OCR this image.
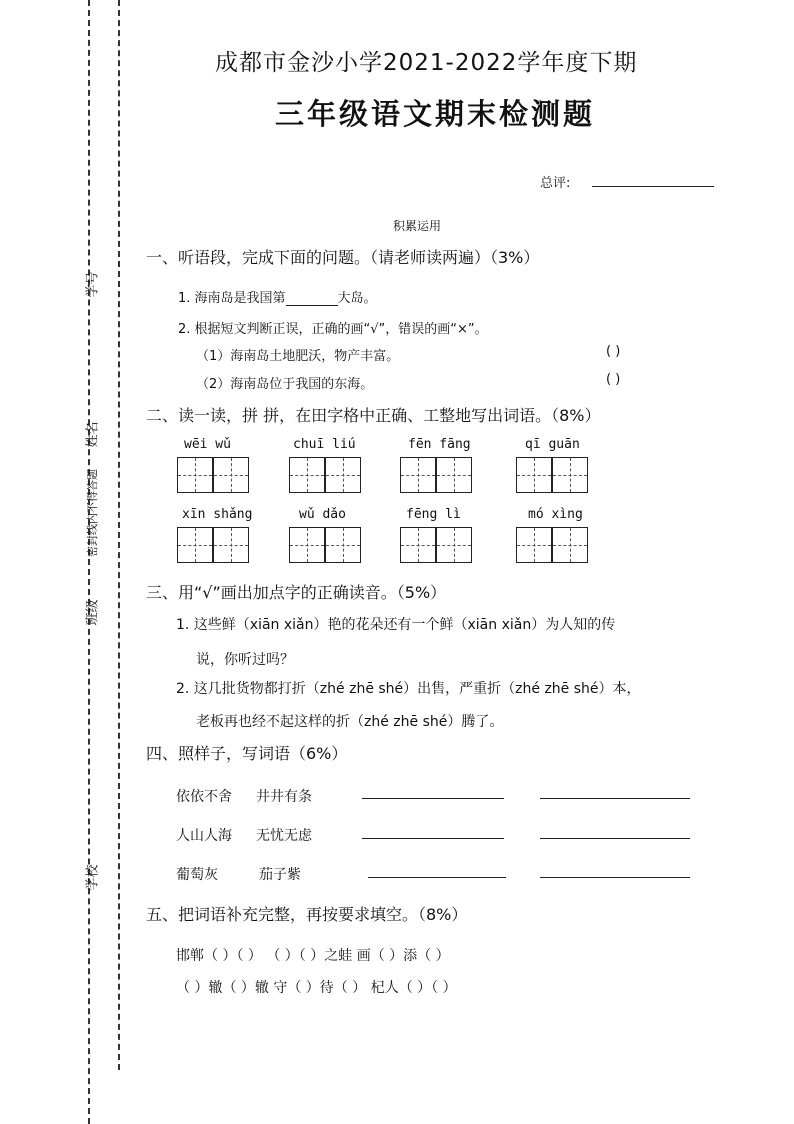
学号
姓名
班级
学校
密封线内不得答题
成都市金沙小学2021-2022学年度下期
三年级语文期末检测题
总评:
积累运用
一、听语段，完成下面的问题。（请老师读两遍）（3%）
1. 海南岛是我国第	大岛。
2. 根据短文判断正误，正确的画“√”，错误的画“×”。
（1）海南岛土地肥沃，物产丰富。	( )
（2）海南岛位于我国的东海。	( )
二、读一读，拼 拼，在田字格中正确、工整地写出词语。（8%）
wēi wǔ	chuī liú	fēn fāng	qī guān
xīn shǎng	wǔ dǎo	fēng lì	mó xìng
三、用“√”画出加点字的正确读音。（5%）
1. 这些鲜（xiān xiǎn）艳的花朵还有一个鲜（xiān xiǎn）为人知的传
说，你听过吗？
2. 这几批货物都打折（zhé zhē shé）出售，严重折（zhé zhē shé）本，
老板再也经不起这样的折（zhé zhē shé）腾了。
四、照样子，写词语（6%）
依依不舍 井井有条
人山人海 无忧无虑
葡萄灰	茄子紫
五、把词语补充完整，再按要求填空。（8%）
邯郸（ ）（ ） （ ）（ ）之蛙 画（ ）添（ ）
（ ）辙（ ）辙 守（ ）待（ ） 杞人（ ）（ ）
